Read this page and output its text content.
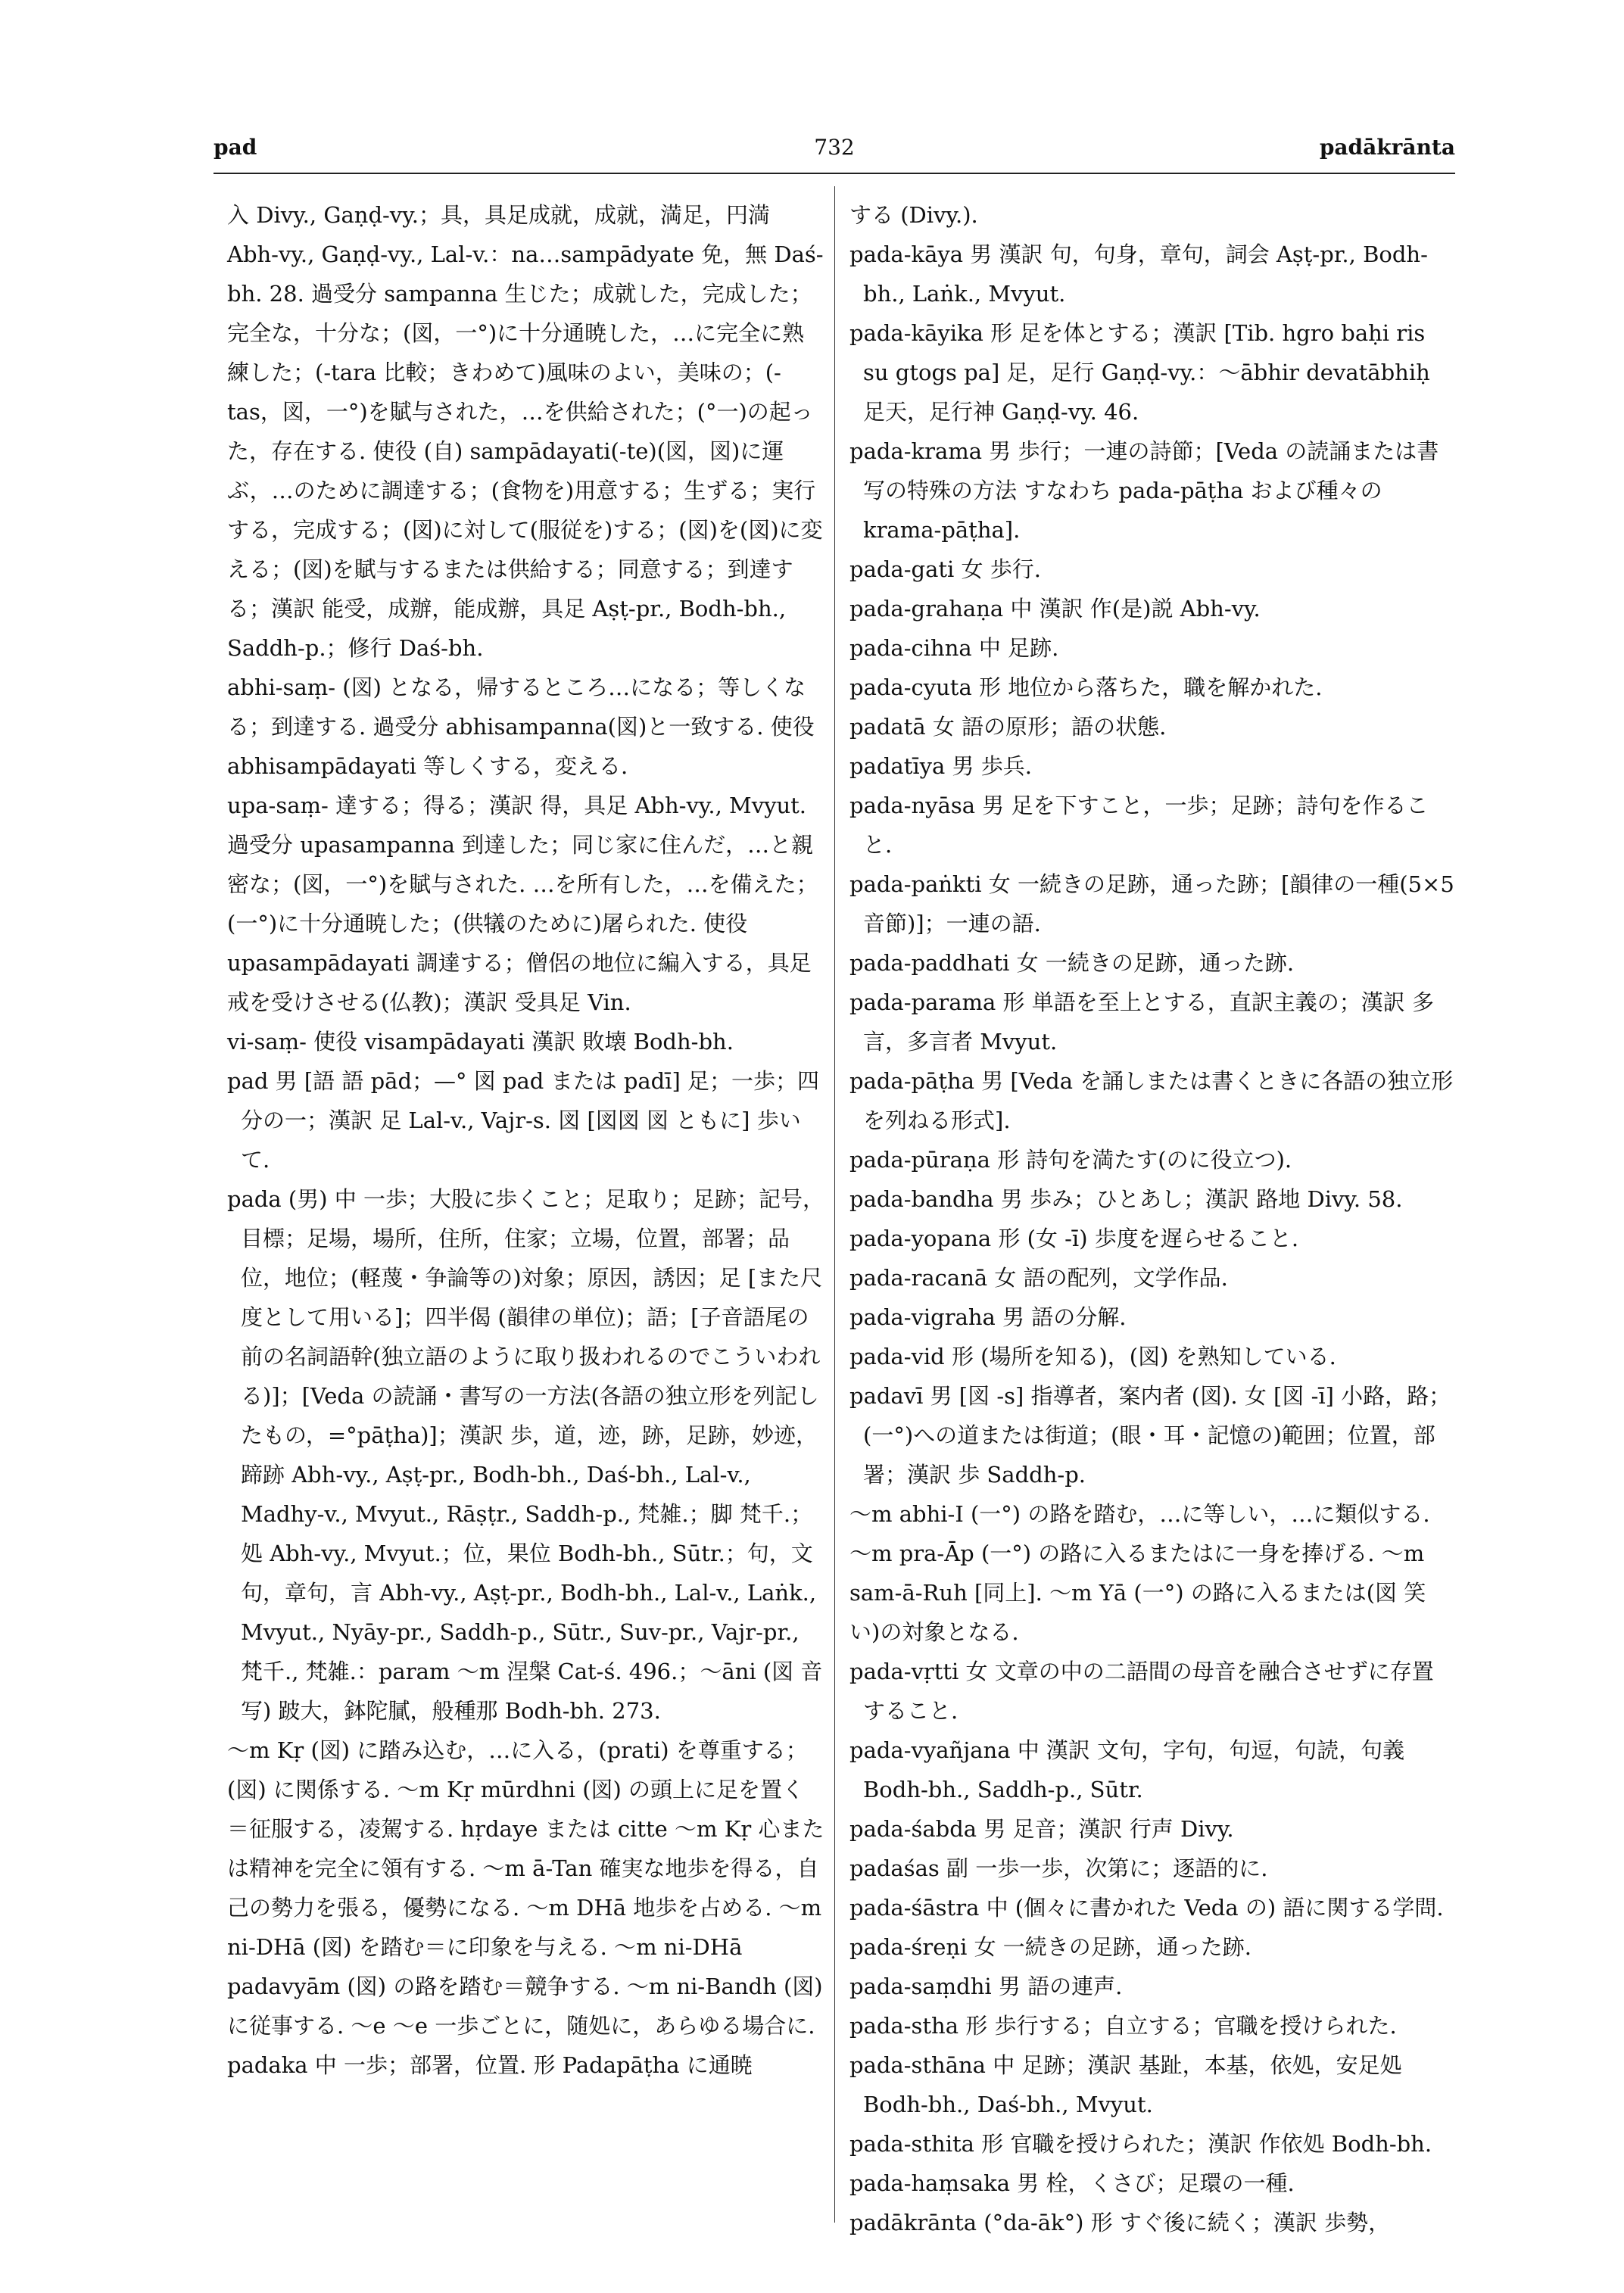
pad	732	padākrānta

入 Divy., Gaṇḍ-vy.；具，具足成就，成就，満足，円満 Abh-vy., Gaṇḍ-vy., Lal-v.：na…sampādyate 免，無 Daś-bh. 28. 過受分 sampanna 生じた；成就した，完成した；完全な，十分な；(図，一°)に十分通暁した，…に完全に熟練した；(-tara 比較；きわめて)風味のよい，美味の；(-tas，図，一°)を賦与された，…を供給された；(°一)の起った，存在する. 使役 (自) sampādayati(-te)(図，図)に運ぶ，…のために調達する；(食物を)用意する；生ずる；実行する，完成する；(図)に対して(服従を)する；(図)を(図)に変える；(図)を賦与するまたは供給する；同意する；到達する；漢訳 能受，成辦，能成辦，具足 Aṣṭ-pr., Bodh-bh., Saddh-p.；修行 Daś-bh.

abhi-saṃ- (図) となる，帰するところ…になる；等しくなる；到達する. 過受分 abhisampanna(図)と一致する. 使役 abhisampādayati 等しくする，変える.

upa-saṃ- 達する；得る；漢訳 得，具足 Abh-vy., Mvyut. 過受分 upasampanna 到達した；同じ家に住んだ，…と親密な；(図，一°)を賦与された. …を所有した，…を備えた；(一°)に十分通暁した；(供犠のために)屠られた. 使役 upasampādayati 調達する；僧侶の地位に編入する，具足戒を受けさせる(仏教)；漢訳 受具足 Vin.

vi-saṃ- 使役 visampādayati 漢訳 敗壊 Bodh-bh.

pad 男 [語 語 pād；—° 図 pad または padī] 足；一歩；四分の一；漢訳 足 Lal-v., Vajr-s. 図 [図図 図 ともに] 歩いて.

pada (男) 中 一歩；大股に歩くこと；足取り；足跡；記号，目標；足場，場所，住所，住家；立場，位置，部署；品位，地位；(軽蔑・争論等の)対象；原因，誘因；足 [また尺度として用いる]；四半偈 (韻律の単位)；語；[子音語尾の前の名詞語幹(独立語のように取り扱われるのでこういわれる)]；[Veda の読誦・書写の一方法(各語の独立形を列記したもの，=°pāṭha)]；漢訳 歩，道，迹，跡，足跡，妙迹，蹄跡 Abh-vy., Aṣṭ-pr., Bodh-bh., Daś-bh., Lal-v., Madhy-v., Mvyut., Rāṣṭr., Saddh-p., 梵雑.；脚 梵千.；処 Abh-vy., Mvyut.；位，果位 Bodh-bh., Sūtr.；句，文句，章句，言 Abh-vy., Aṣṭ-pr., Bodh-bh., Lal-v., Laṅk., Mvyut., Nyāy-pr., Saddh-p., Sūtr., Suv-pr., Vajr-pr., 梵千., 梵雑.：param ～m 涅槃 Cat-ś. 496.；～āni (図 音写) 跛大，鉢陀膩，般種那 Bodh-bh. 273.

～m Kṛ (図) に踏み込む，…に入る，(prati) を尊重する；(図) に関係する. ～m Kṛ mūrdhni (図) の頭上に足を置く＝征服する，凌駕する. hṛdaye または citte ～m Kṛ 心または精神を完全に領有する. ～m ā-Tan 確実な地歩を得る，自己の勢力を張る，優勢になる. ～m DHā 地歩を占める. ～m ni-DHā (図) を踏む＝に印象を与える. ～m ni-DHā padavyām (図) の路を踏む＝競争する. ～m ni-Bandh (図) に従事する. ～e ～e 一歩ごとに，随処に，あらゆる場合に.

padaka 中 一歩；部署，位置. 形 Padapāṭha に通暁

する (Divy.).

pada-kāya 男 漢訳 句，句身，章句，詞会 Aṣṭ-pr., Bodh-bh., Laṅk., Mvyut.

pada-kāyika 形 足を体とする；漢訳 [Tib. hgro baḥi ris su gtogs pa] 足，足行 Gaṇḍ-vy.：～ābhir devatābhiḥ 足天，足行神 Gaṇḍ-vy. 46.

pada-krama 男 歩行；一連の詩節；[Veda の読誦または書写の特殊の方法 すなわち pada-pāṭha および種々の krama-pāṭha].

pada-gati 女 歩行.

pada-grahaṇa 中 漢訳 作(是)説 Abh-vy.

pada-cihna 中 足跡.

pada-cyuta 形 地位から落ちた，職を解かれた.

padatā 女 語の原形；語の状態.

padatīya 男 歩兵.

pada-nyāsa 男 足を下すこと，一歩；足跡；詩句を作ること.

pada-paṅkti 女 一続きの足跡，通った跡；[韻律の一種(5×5音節)]；一連の語.

pada-paddhati 女 一続きの足跡，通った跡.

pada-parama 形 単語を至上とする，直訳主義の；漢訳 多言，多言者 Mvyut.

pada-pāṭha 男 [Veda を誦しまたは書くときに各語の独立形を列ねる形式].

pada-pūraṇa 形 詩句を満たす(のに役立つ).

pada-bandha 男 歩み；ひとあし；漢訳 路地 Divy. 58.

pada-yopana 形 (女 -ī) 歩度を遅らせること.

pada-racanā 女 語の配列，文学作品.

pada-vigraha 男 語の分解.

pada-vid 形 (場所を知る)，(図) を熟知している.

padavī 男 [図 -s] 指導者，案内者 (図). 女 [図 -ī] 小路，路；(一°)への道または街道；(眼・耳・記憶の)範囲；位置，部署；漢訳 歩 Saddh-p.

～m abhi-I (一°) の路を踏む，…に等しい，…に類似する. ～m pra-Āp (一°) の路に入るまたはに一身を捧げる. ～m sam-ā-Ruh [同上]. ～m Yā (一°) の路に入るまたは(図 笑い)の対象となる.

pada-vṛtti 女 文章の中の二語間の母音を融合させずに存置すること.

pada-vyañjana 中 漢訳 文句，字句，句逗，句読，句義 Bodh-bh., Saddh-p., Sūtr.

pada-śabda 男 足音；漢訳 行声 Divy.

padaśas 副 一歩一歩，次第に；逐語的に.

pada-śāstra 中 (個々に書かれた Veda の) 語に関する学問.

pada-śreṇi 女 一続きの足跡，通った跡.

pada-saṃdhi 男 語の連声.

pada-stha 形 歩行する；自立する；官職を授けられた.

pada-sthāna 中 足跡；漢訳 基趾，本基，依処，安足処 Bodh-bh., Daś-bh., Mvyut.

pada-sthita 形 官職を授けられた；漢訳 作依処 Bodh-bh.

pada-haṃsaka 男 栓，くさび；足環の一種.

padākrānta (°da-āk°) 形 すぐ後に続く；漢訳 歩勢，
